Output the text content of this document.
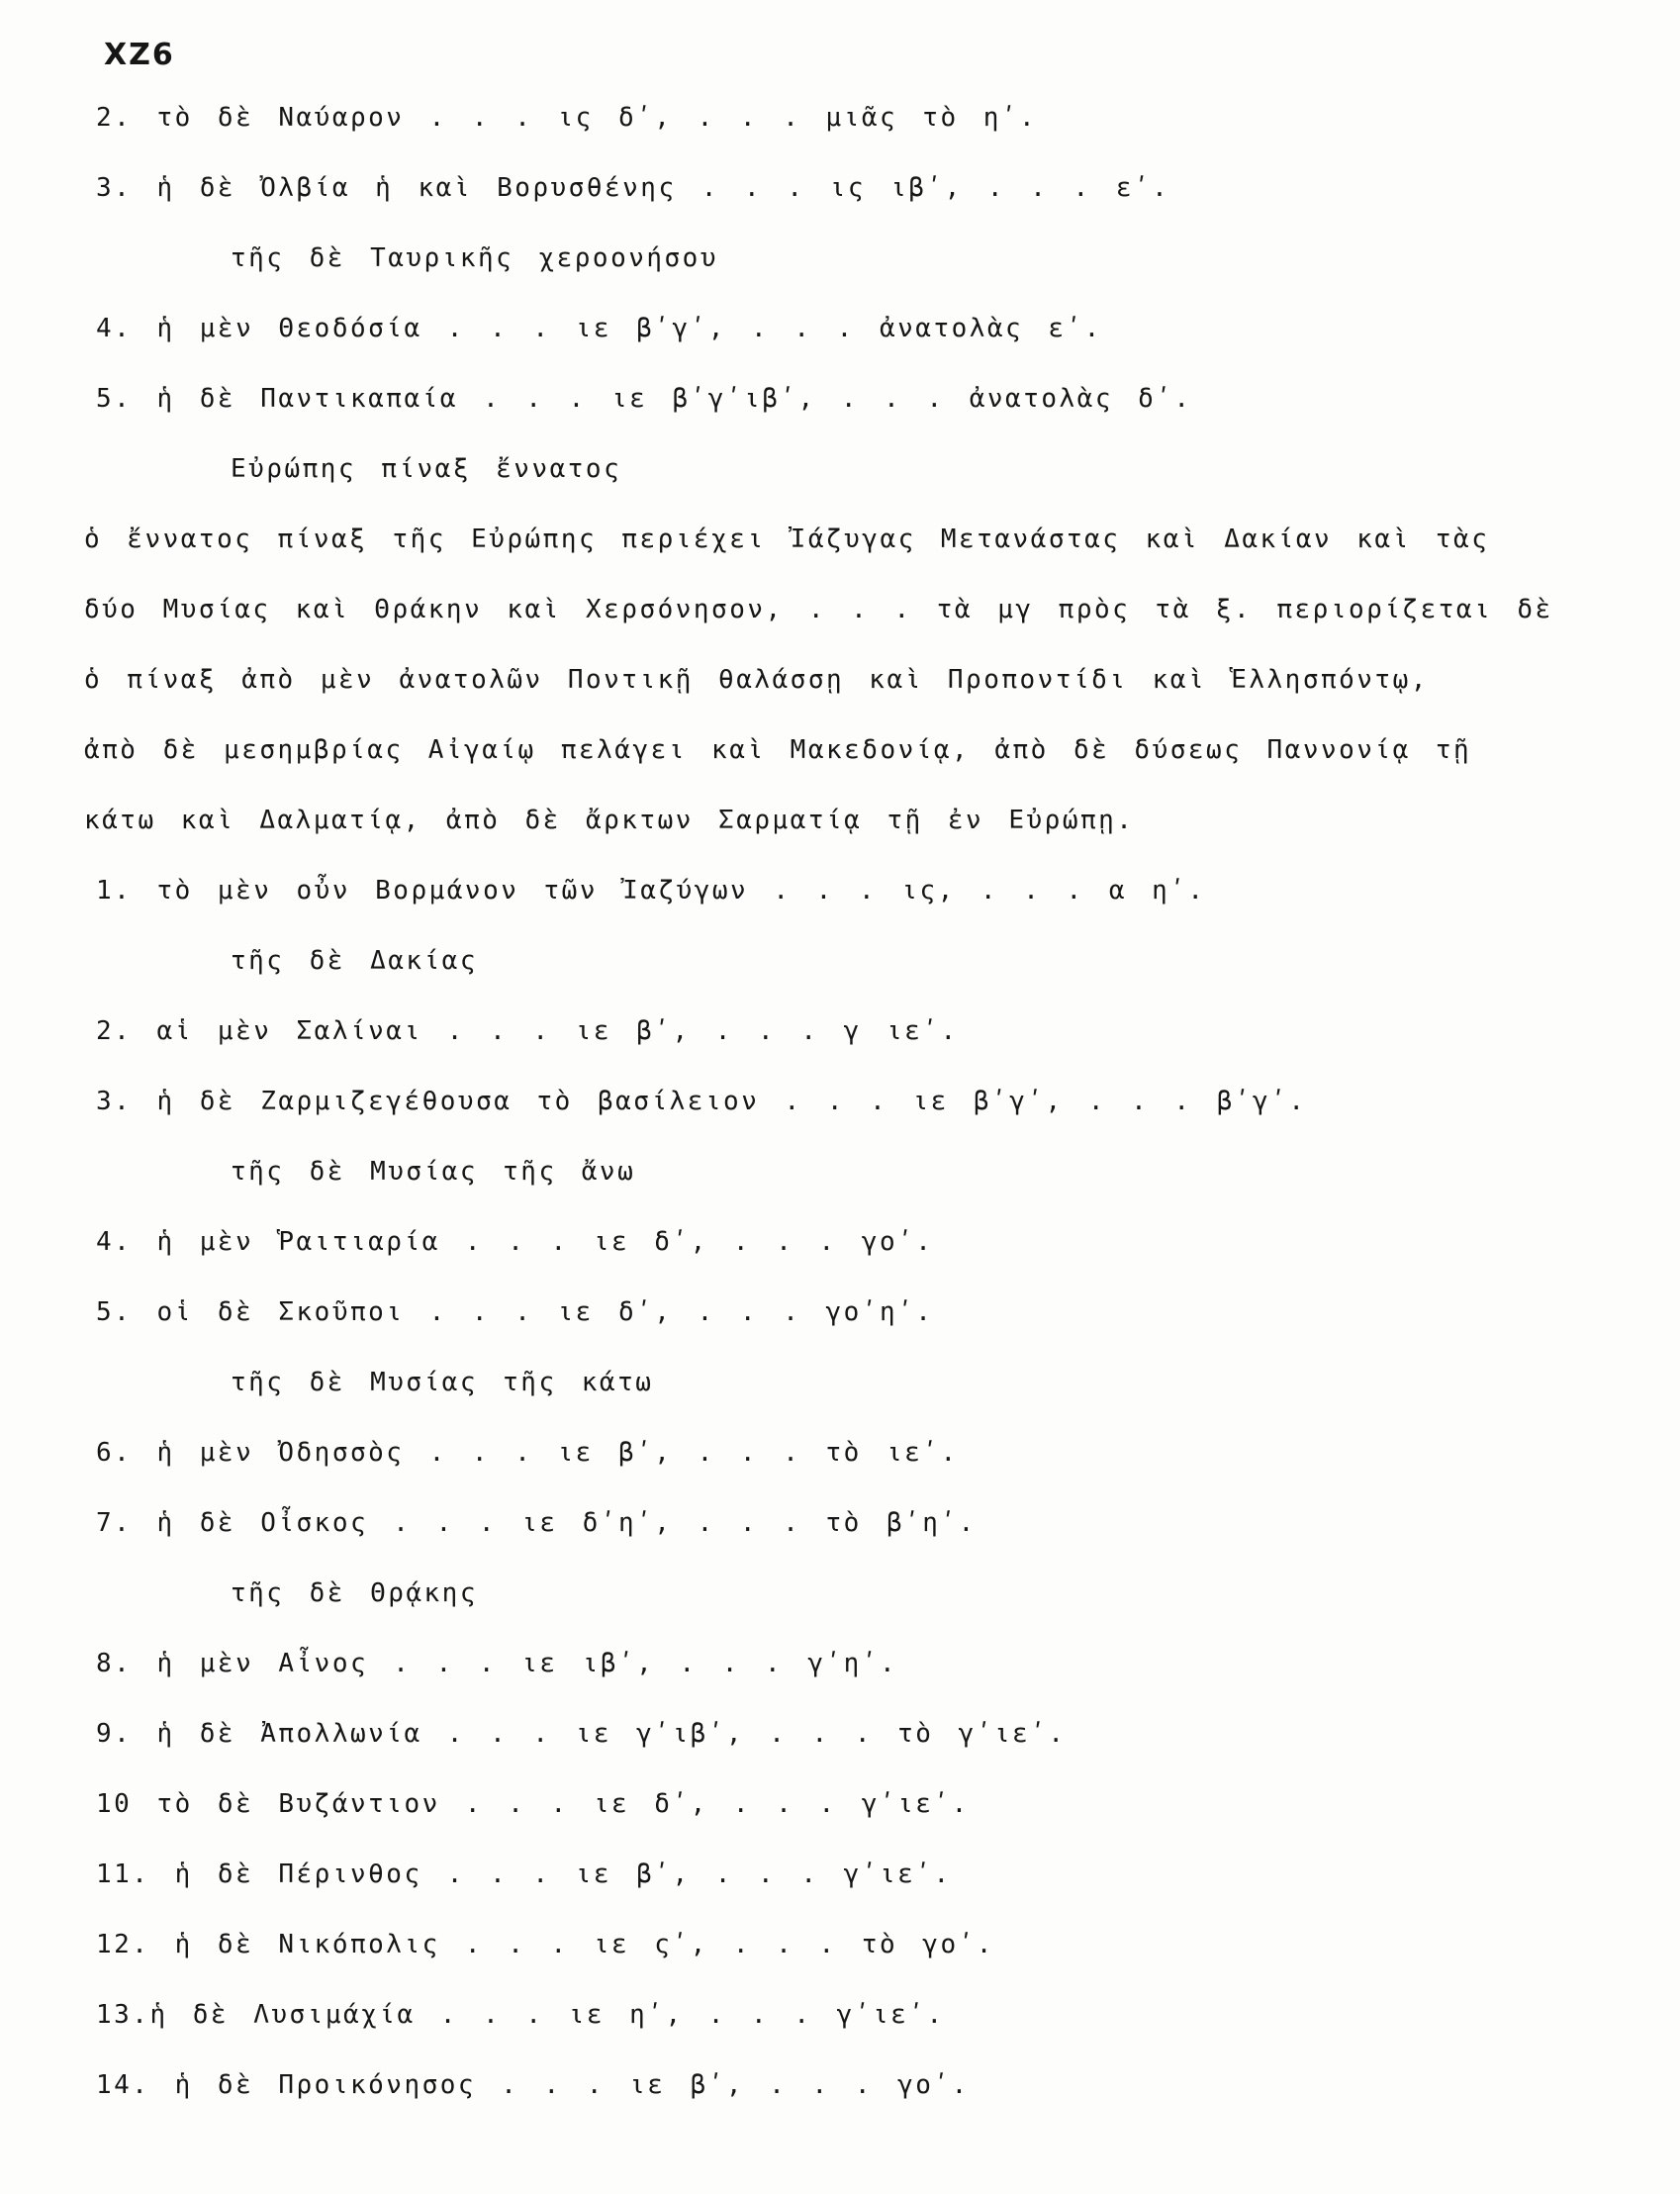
XZ6
2. τὸ δὲ Ναύαρον . . . ις δʹ, . . . μιᾶς τὸ ηʹ.
3. ἡ δὲ Ὀλβία ἡ καὶ Βορυσθένης . . . ις ιβʹ, . . . εʹ.
τῆς δὲ Ταυρικῆς χεροονήσου
4. ἡ μὲν Θεοδόσία . . . ιε βʹγʹ, . . . ἀνατολὰς εʹ.
5. ἡ δὲ Παντικαπαία . . . ιε βʹγʹιβʹ, . . . ἀνατολὰς δʹ.
Εὐρώπης πίναξ ἔννατος
ὁ ἔννατος πίναξ τῆς Εὐρώπης περιέχει Ἰάζυγας Μετανάστας καὶ Δακίαν καὶ τὰς
δύο Μυσίας καὶ Θράκην καὶ Χερσόνησον, . . . τὰ μγ πρὸς τὰ ξ. περιορίζεται δὲ
ὁ πίναξ ἀπὸ μὲν ἀνατολῶν Ποντικῇ θαλάσσῃ καὶ Προποντίδι καὶ Ἑλλησπόντῳ,
ἀπὸ δὲ μεσημβρίας Αἰγαίῳ πελάγει καὶ Μακεδονίᾳ, ἀπὸ δὲ δύσεως Παννονίᾳ τῇ
κάτω καὶ Δαλματίᾳ, ἀπὸ δὲ ἄρκτων Σαρματίᾳ τῇ ἐν Εὐρώπῃ.
1. τὸ μὲν οὖν Βορμάνον τῶν Ἰαζύγων . . . ις, . . . α ηʹ.
τῆς δὲ Δακίας
2. αἱ μὲν Σαλίναι . . . ιε βʹ, . . . γ ιεʹ.
3. ἡ δὲ Ζαρμιζεγέθουσα τὸ βασίλειον . . . ιε βʹγʹ, . . . βʹγʹ.
τῆς δὲ Μυσίας τῆς ἄνω
4. ἡ μὲν Ῥαιτιαρία . . . ιε δʹ, . . . γοʹ.
5. οἱ δὲ Σκοῦποι . . . ιε δʹ, . . . γοʹηʹ.
τῆς δὲ Μυσίας τῆς κάτω
6. ἡ μὲν Ὀδησσὸς . . . ιε βʹ, . . . τὸ ιεʹ.
7. ἡ δὲ Οἶσκος . . . ιε δʹηʹ, . . . τὸ βʹηʹ.
τῆς δὲ Θρᾴκης
8. ἡ μὲν Αἶνος . . . ιε ιβʹ, . . . γʹηʹ.
9. ἡ δὲ Ἀπολλωνία . . . ιε γʹιβʹ, . . . τὸ γʹιεʹ.
10 τὸ δὲ Βυζάντιον . . . ιε δʹ, . . . γʹιεʹ.
11. ἡ δὲ Πέρινθος . . . ιε βʹ, . . . γʹιεʹ.
12. ἡ δὲ Νικόπολις . . . ιε ςʹ, . . . τὸ γοʹ.
13.ἡ δὲ Λυσιμάχία . . . ιε ηʹ, . . . γʹιεʹ.
14. ἡ δὲ Προικόνησος . . . ιε βʹ, . . . γοʹ.
